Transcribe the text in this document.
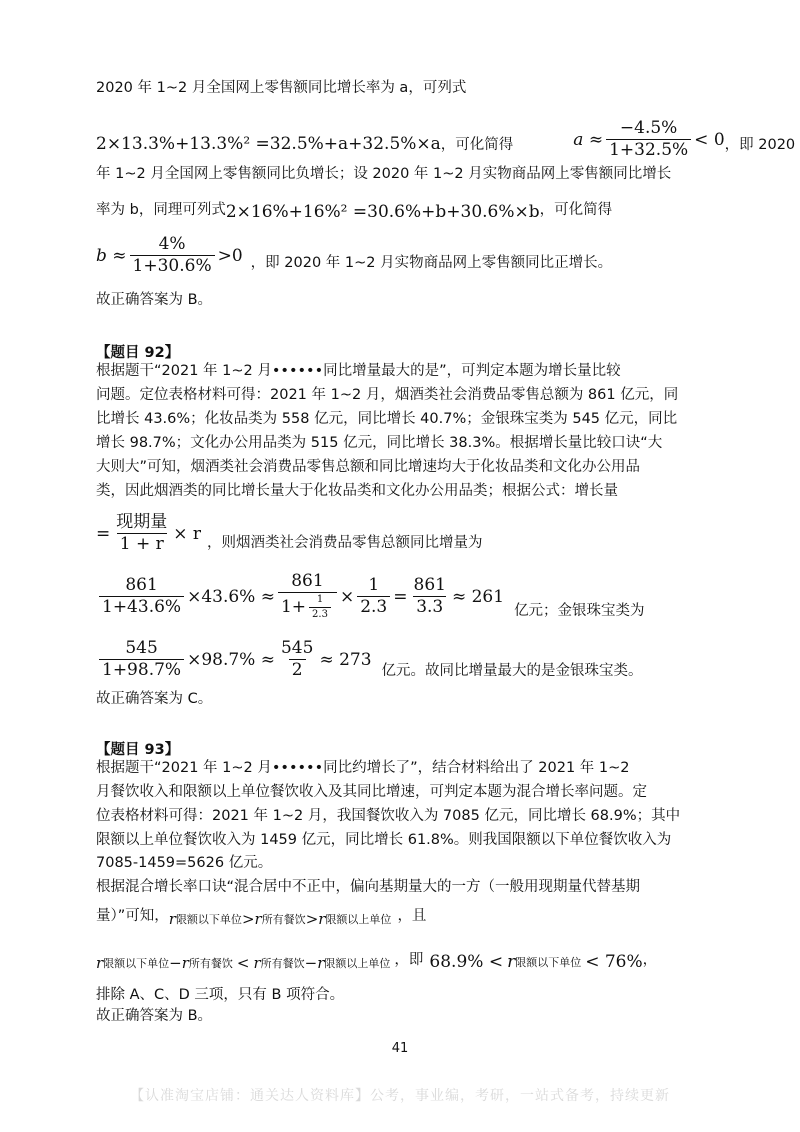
2020 年 1~2 月全国网上零售额同比增长率为 a，可列式
2×13.3%+13.3%² =32.5%+a+32.5%×a ，可化简得	$a \approx \frac{-4.5\%}{1+32.5\%} < 0$ ，即 2020
年 1~2 月全国网上零售额同比负增长；设 2020 年 1~2 月实物商品网上零售额同比增长
率为 b，同理可列式 2×16%+16%² =30.6%+b+30.6%×b ，可化简得
$b \approx \frac{4\%}{1+30.6\%} >0$ ，即 2020 年 1~2 月实物商品网上零售额同比正增长。
故正确答案为 B。
【题目 92】
根据题干“2021 年 1~2 月••••••同比增量最大的是”，可判定本题为增长量比较
问题。定位表格材料可得：2021 年 1~2 月，烟酒类社会消费品零售总额为 861 亿元，同
比增长 43.6%；化妆品类为 558 亿元，同比增长 40.7%；金银珠宝类为 545 亿元，同比
增长 98.7%；文化办公用品类为 515 亿元，同比增长 38.3%。根据增长量比较口诀“大
大则大”可知，烟酒类社会消费品零售总额和同比增速均大于化妆品类和文化办公用品
类，因此烟酒类的同比增长量大于化妆品类和文化办公用品类；根据公式：增长量
= $\frac{\text{现期量}}{1 + r} \times r$ ，则烟酒类社会消费品零售总额同比增量为
$\frac{861}{1+43.6\%} \times 43.6\% \approx \frac{861}{1+ \frac{1}{2.3}} \times \frac{1}{2.3} = \frac{861}{3.3} \approx 261$
亿元；金银珠宝类为
$\frac{545}{1+98.7\%} \times 98.7\% \approx \frac{545}{2} \approx 273$
亿元。故同比增量最大的是金银珠宝类。
故正确答案为 C。
【题目 93】
根据题干“2021 年 1~2 月••••••同比约增长了”，结合材料给出了 2021 年 1~2
月餐饮收入和限额以上单位餐饮收入及其同比增速，可判定本题为混合增长率问题。定
位表格材料可得：2021 年 1~2 月，我国餐饮收入为 7085 亿元，同比增长 68.9%；其中
限额以上单位餐饮收入为 1459 亿元，同比增长 61.8%。则我国限额以下单位餐饮收入为
7085-1459=5626 亿元。
根据混合增长率口诀“混合居中不正中，偏向基期量大的一方（一般用现期量代替基期
量）”可知， r 限额以下单位 > r 所有餐饮 > r 限额以上单位 ，且
r 限额以下单位 − r 所有餐饮 < r 所有餐饮 − r 限额以上单位 ，即 68.9% < r 限额以下单位 < 76% ，
排除 A、C、D 三项，只有 B 项符合。
故正确答案为 B。
41
【认准淘宝店铺：通关达人资料库】公考，事业编，考研，一站式备考，持续更新
